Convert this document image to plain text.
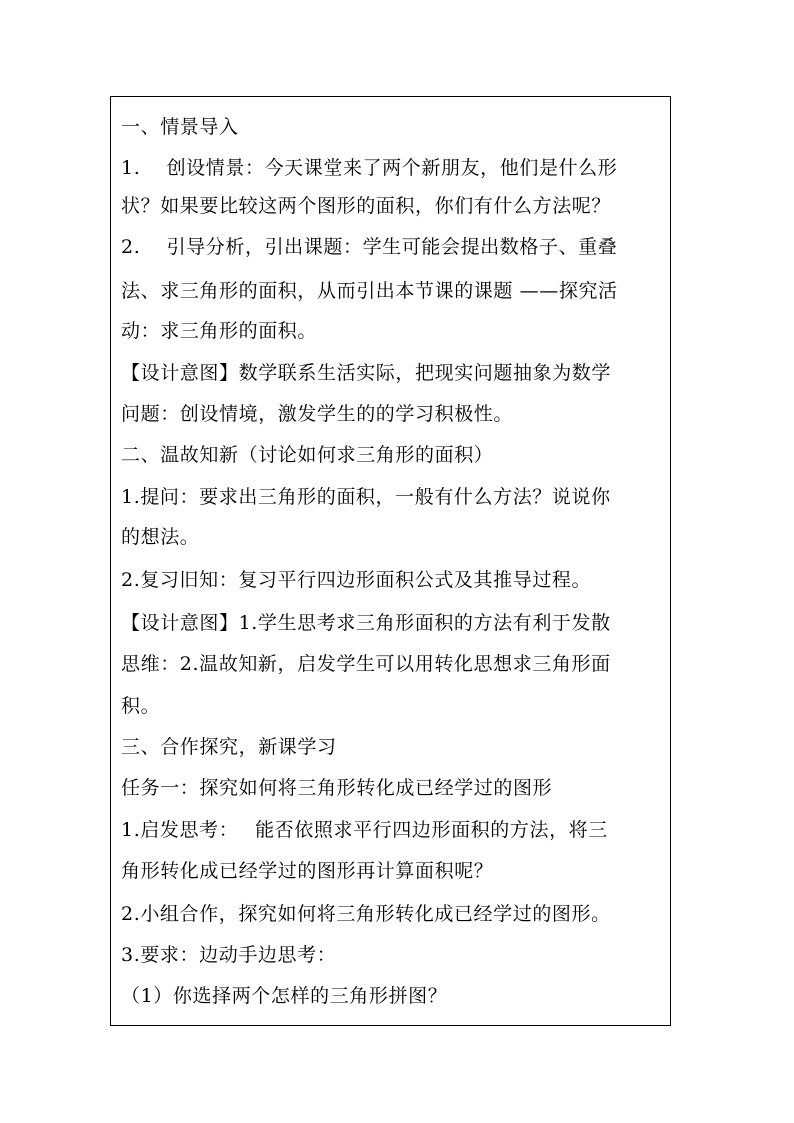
一、情景导入
1.　 创设情景：今天课堂来了两个新朋友，他们是什么形
状？如果要比较这两个图形的面积，你们有什么方法呢？
2.　 引导分析，引出课题：学生可能会提出数格子、重叠
法、求三角形的面积，从而引出本节课的课题 ——探究活
动：求三角形的面积。
【设计意图】数学联系生活实际，把现实问题抽象为数学
问题：创设情境，激发学生的的学习积极性。
二、温故知新（讨论如何求三角形的面积）
1.提问：要求出三角形的面积，一般有什么方法？说说你
的想法。
2.复习旧知：复习平行四边形面积公式及其推导过程。
【设计意图】1.学生思考求三角形面积的方法有利于发散
思维：2.温故知新，启发学生可以用转化思想求三角形面
积。
三、合作探究，新课学习
任务一：探究如何将三角形转化成已经学过的图形
1.启发思考：　 能否依照求平行四边形面积的方法，将三
角形转化成已经学过的图形再计算面积呢？
2.小组合作，探究如何将三角形转化成已经学过的图形。
3.要求：边动手边思考：
（1）你选择两个怎样的三角形拼图？
